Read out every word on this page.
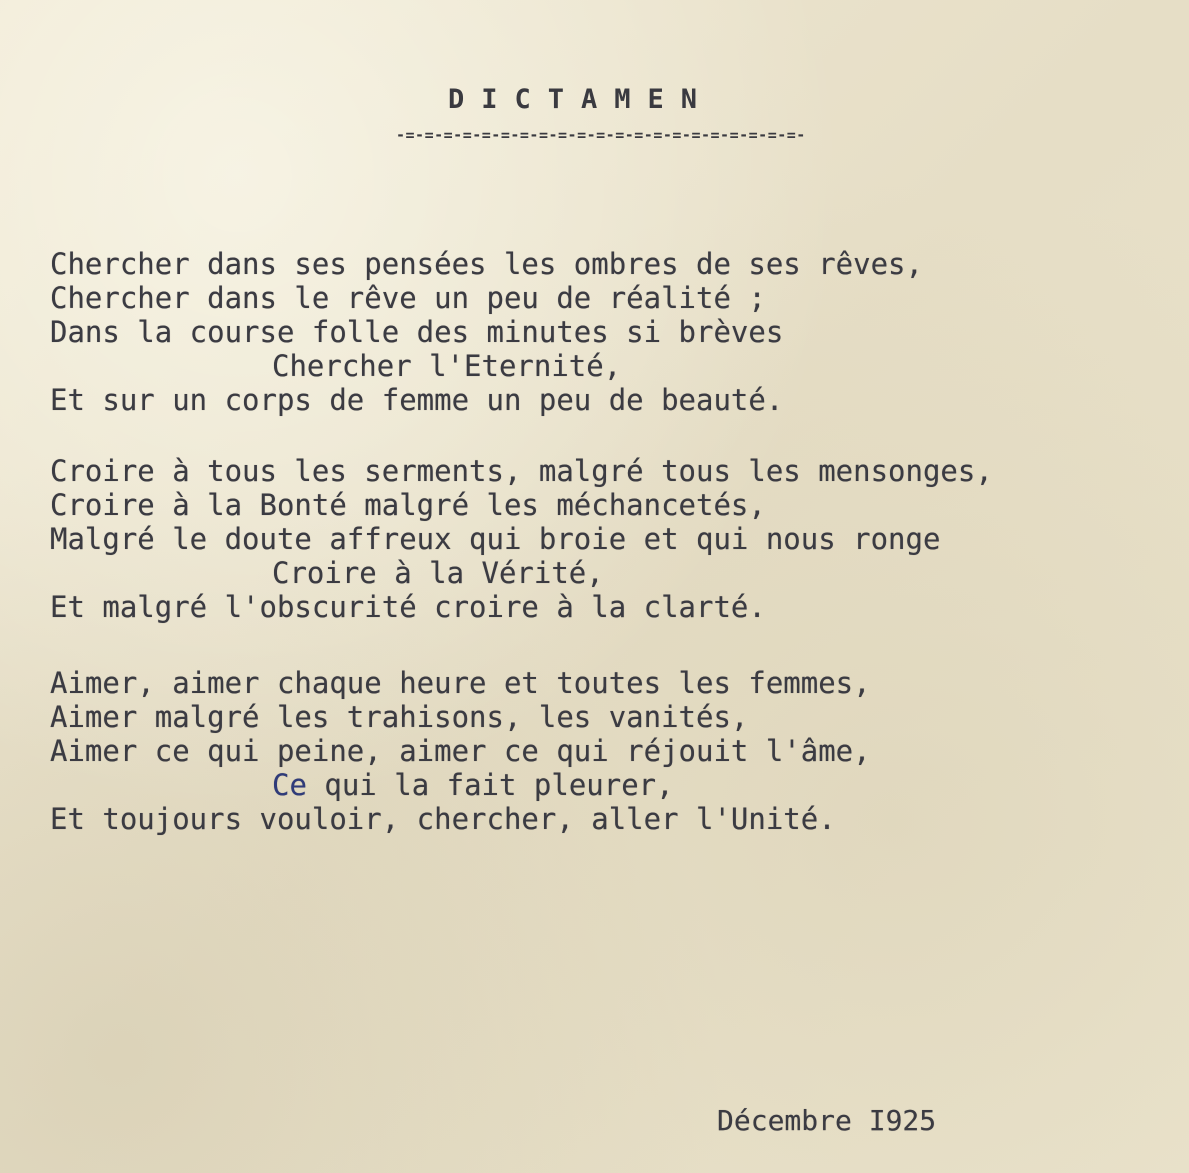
DICTAMEN
-=-=-=-=-=-=-=-=-=-=-=-=-=-=-=-=-=-=-=-=-=-
Chercher dans ses pensées les ombres de ses rêves,
Chercher dans le rêve un peu de réalité ;
Dans la course folle des minutes si brèves
Chercher l'Eternité,
Et sur un corps de femme un peu de beauté.
Croire à tous les serments, malgré tous les mensonges,
Croire à la Bonté malgré les méchancetés,
Malgré le doute affreux qui broie et qui nous ronge
Croire à la Vérité,
Et malgré l'obscurité croire à la clarté.
Aimer, aimer chaque heure et toutes les femmes,
Aimer malgré les trahisons, les vanités,
Aimer ce qui peine, aimer ce qui réjouit l'âme,
Ce qui la fait pleurer,
Et toujours vouloir, chercher, aller l'Unité.
Décembre I925
